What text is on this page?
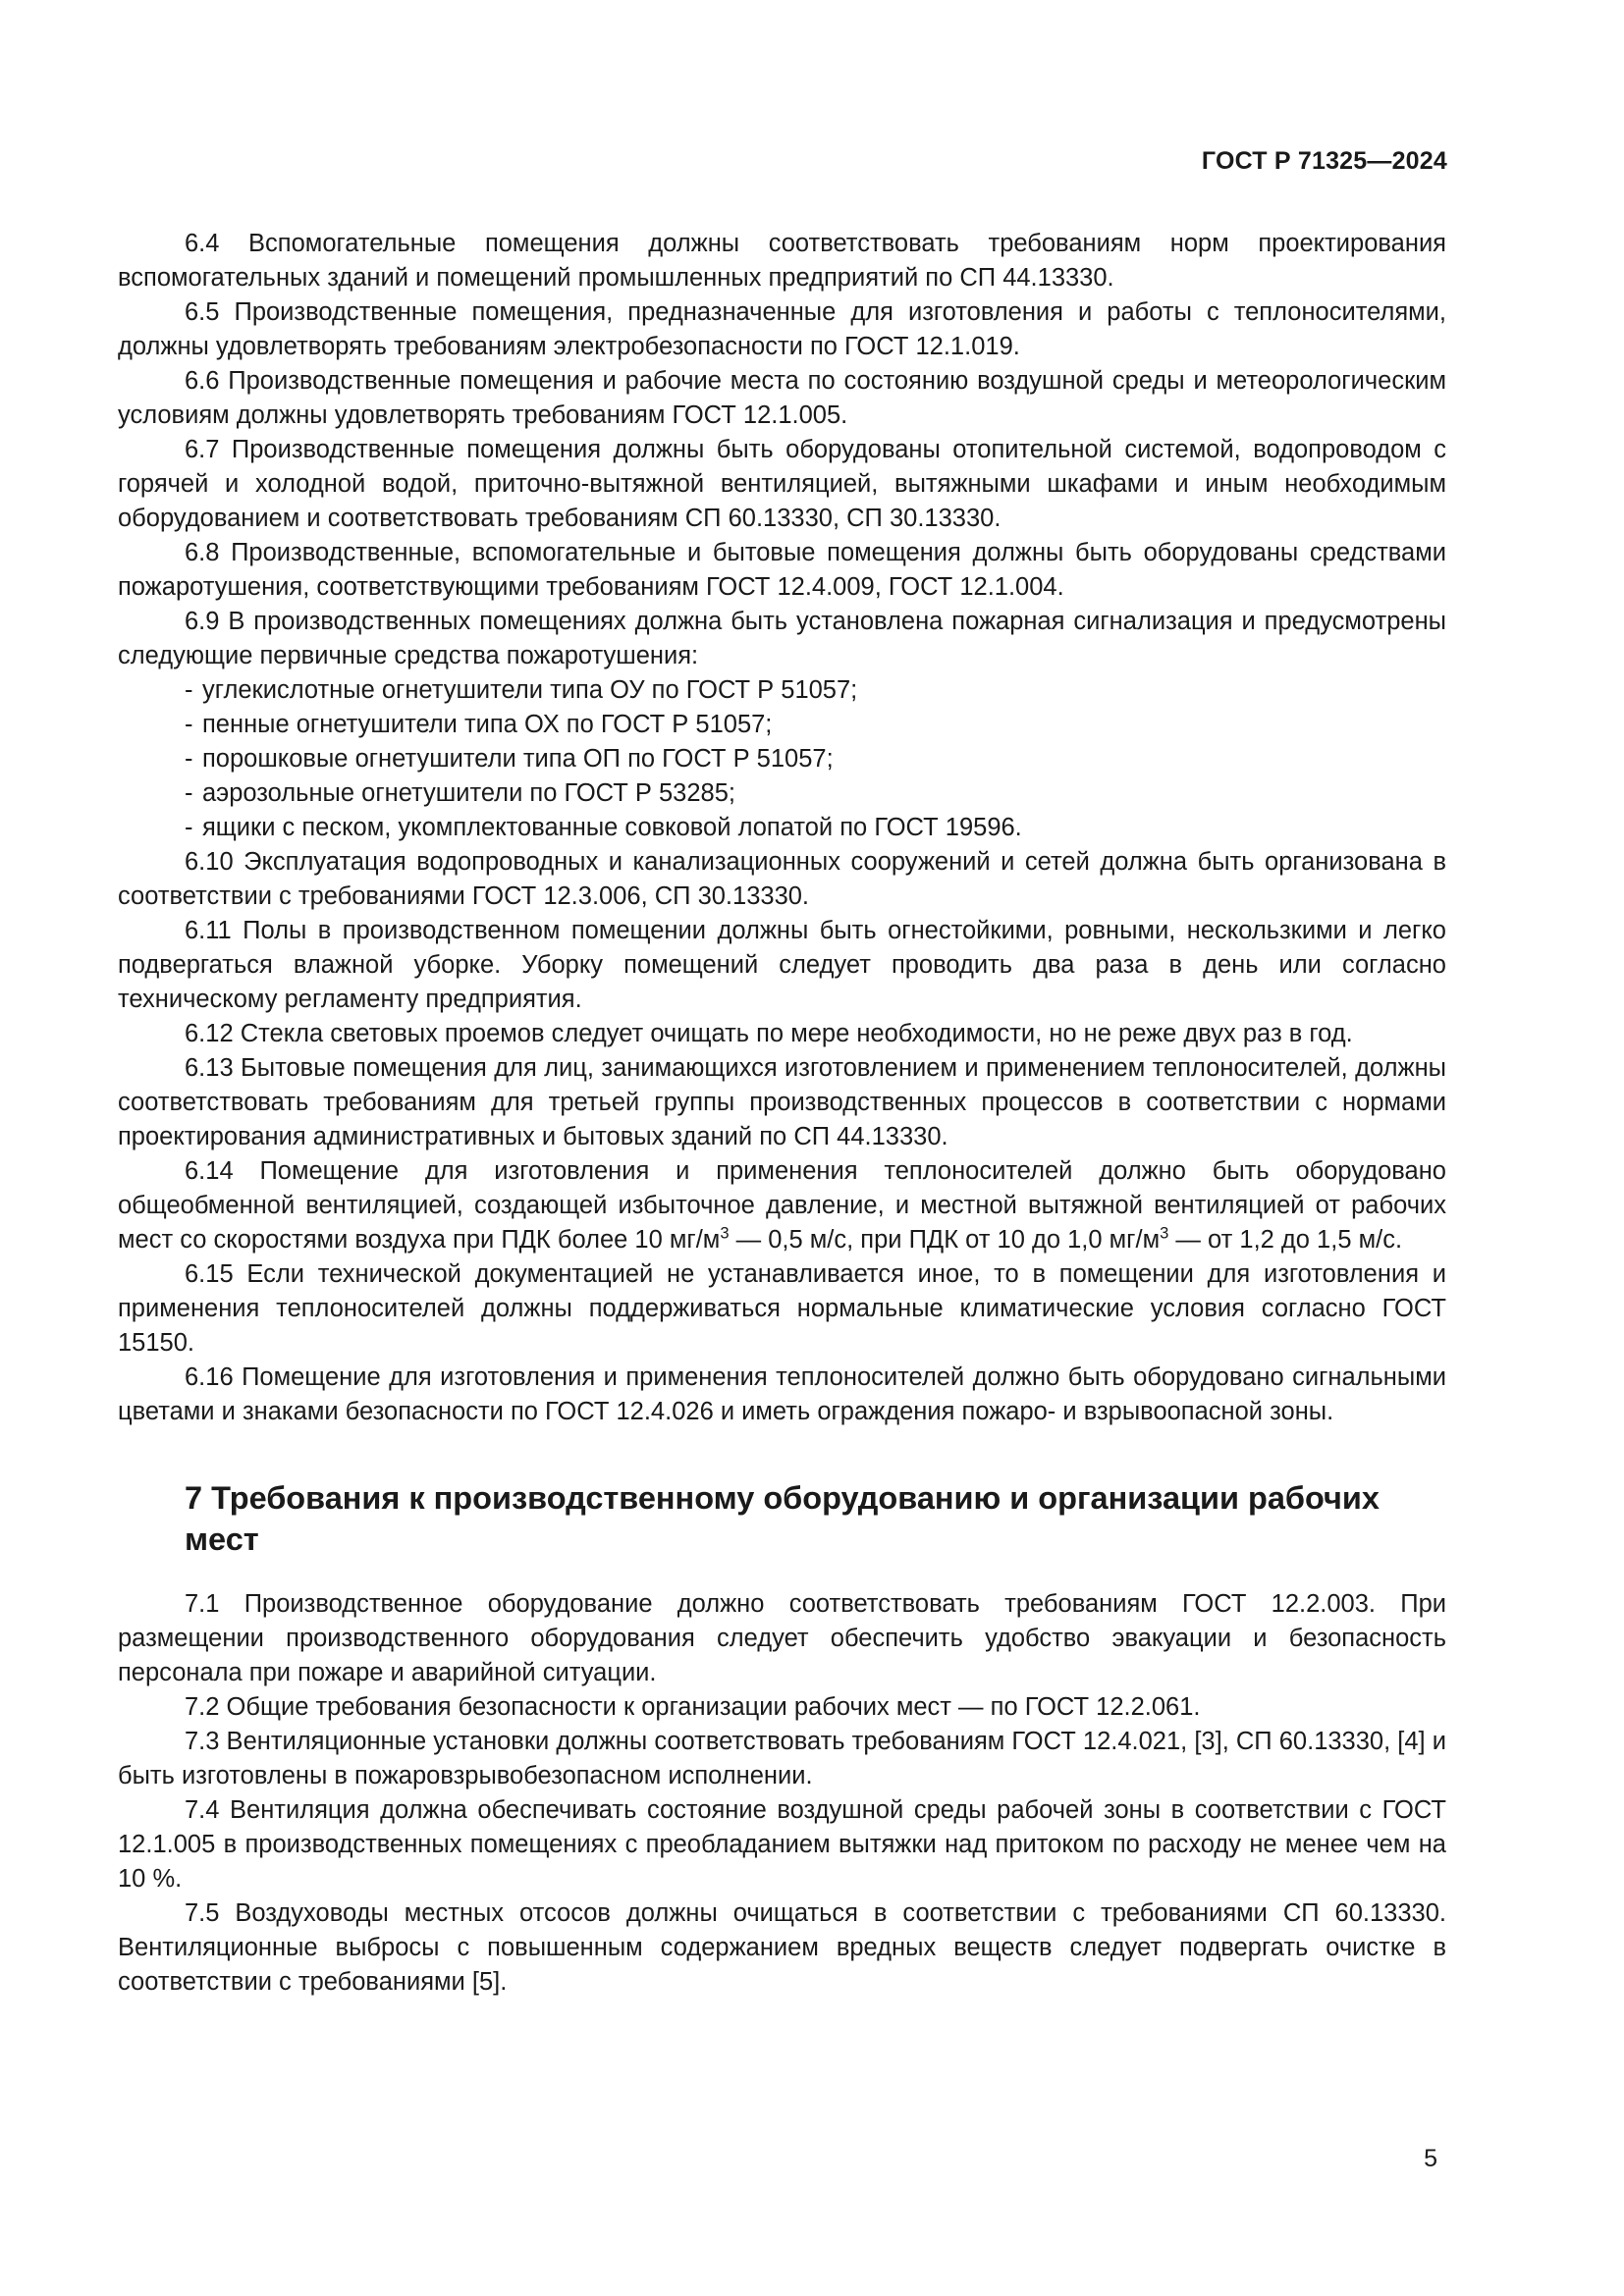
ГОСТ Р 71325—2024

6.4 Вспомогательные помещения должны соответствовать требованиям норм проектирования вспомогательных зданий и помещений промышленных предприятий по СП 44.13330.

6.5 Производственные помещения, предназначенные для изготовления и работы с теплоносителями, должны удовлетворять требованиям электробезопасности по ГОСТ 12.1.019.

6.6 Производственные помещения и рабочие места по состоянию воздушной среды и метеорологическим условиям должны удовлетворять требованиям ГОСТ 12.1.005.

6.7 Производственные помещения должны быть оборудованы отопительной системой, водопроводом с горячей и холодной водой, приточно-вытяжной вентиляцией, вытяжными шкафами и иным необходимым оборудованием и соответствовать требованиям СП 60.13330, СП 30.13330.

6.8 Производственные, вспомогательные и бытовые помещения должны быть оборудованы средствами пожаротушения, соответствующими требованиям ГОСТ 12.4.009, ГОСТ 12.1.004.

6.9 В производственных помещениях должна быть установлена пожарная сигнализация и предусмотрены следующие первичные средства пожаротушения:

- углекислотные огнетушители типа ОУ по ГОСТ Р 51057;

- пенные огнетушители типа ОХ по ГОСТ Р 51057;

- порошковые огнетушители типа ОП по ГОСТ Р 51057;

- аэрозольные огнетушители по ГОСТ Р 53285;

- ящики с песком, укомплектованные совковой лопатой по ГОСТ 19596.

6.10 Эксплуатация водопроводных и канализационных сооружений и сетей должна быть организована в соответствии с требованиями ГОСТ 12.3.006, СП 30.13330.

6.11 Полы в производственном помещении должны быть огнестойкими, ровными, нескользкими и легко подвергаться влажной уборке. Уборку помещений следует проводить два раза в день или согласно техническому регламенту предприятия.

6.12 Стекла световых проемов следует очищать по мере необходимости, но не реже двух раз в год.

6.13 Бытовые помещения для лиц, занимающихся изготовлением и применением теплоносителей, должны соответствовать требованиям для третьей группы производственных процессов в соответствии с нормами проектирования административных и бытовых зданий по СП 44.13330.

6.14 Помещение для изготовления и применения теплоносителей должно быть оборудовано общеобменной вентиляцией, создающей избыточное давление, и местной вытяжной вентиляцией от рабочих мест со скоростями воздуха при ПДК более 10 $мг/м^3$ — 0,5 м/с, при ПДК от 10 до 1,0 $мг/м^3$ — от 1,2 до 1,5 м/с.

6.15 Если технической документацией не устанавливается иное, то в помещении для изготовления и применения теплоносителей должны поддерживаться нормальные климатические условия согласно ГОСТ 15150.

6.16 Помещение для изготовления и применения теплоносителей должно быть оборудовано сигнальными цветами и знаками безопасности по ГОСТ 12.4.026 и иметь ограждения пожаро- и взрывоопасной зоны.

7 Требования к производственному оборудованию и организации рабочих мест

7.1 Производственное оборудование должно соответствовать требованиям ГОСТ 12.2.003. При размещении производственного оборудования следует обеспечить удобство эвакуации и безопасность персонала при пожаре и аварийной ситуации.

7.2 Общие требования безопасности к организации рабочих мест — по ГОСТ 12.2.061.

7.3 Вентиляционные установки должны соответствовать требованиям ГОСТ 12.4.021, [3], СП 60.13330, [4] и быть изготовлены в пожаровзрывобезопасном исполнении.

7.4 Вентиляция должна обеспечивать состояние воздушной среды рабочей зоны в соответствии с ГОСТ 12.1.005 в производственных помещениях с преобладанием вытяжки над притоком по расходу не менее чем на 10 %.

7.5 Воздуховоды местных отсосов должны очищаться в соответствии с требованиями СП 60.13330. Вентиляционные выбросы с повышенным содержанием вредных веществ следует подвергать очистке в соответствии с требованиями [5].

5
